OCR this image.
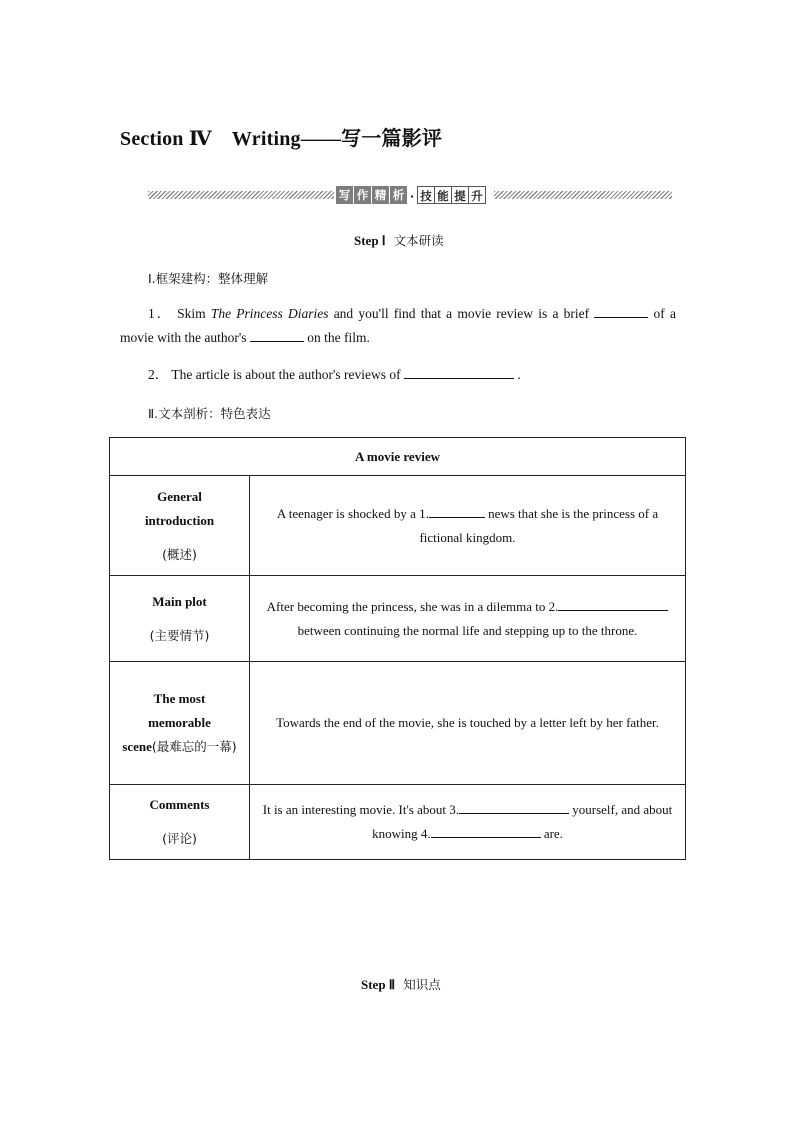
Section Ⅳ　Writing——写一篇影评
写 作 精 析 · 技 能 提 升
Step Ⅰ 文本研读
Ⅰ.框架建构：整体理解
1． Skim The Princess Diaries and you'll find that a movie review is a brief	of a
movie with the author's	on the film.
2． The article is about the author's reviews of	.
Ⅱ.文本剖析：特色表达
A movie review	

General
introduction
(概述)	A teenager is shocked by a 1. news that she is the princess of a fictional kingdom.

Main plot
(主要情节)	After becoming the princess, she was in a dilemma to 2. between continuing the normal life and stepping up to the throne.

The most
memorable
scene(最难忘的一幕)	Towards the end of the movie, she is touched by a letter left by her father.

Comments
(评论)	It is an interesting movie. It's about 3. yourself, and about knowing 4. are.
Step Ⅱ 知识点
